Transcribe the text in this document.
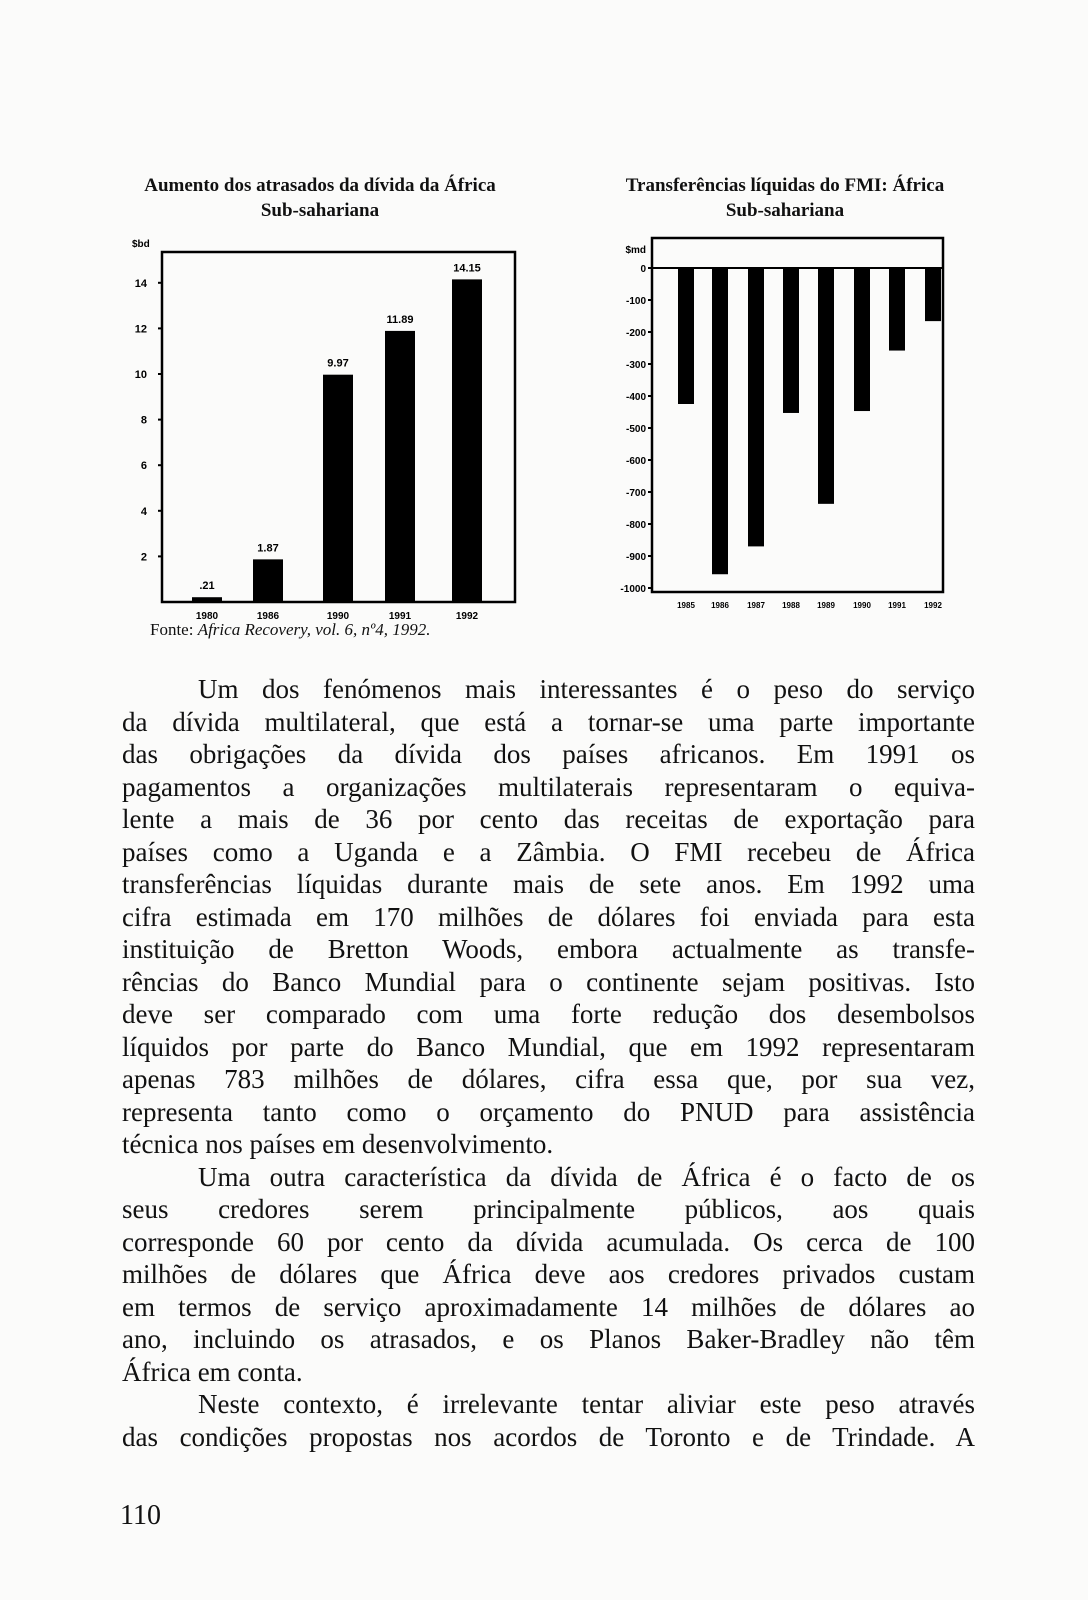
Aumento dos atrasados da dívida da África Sub-sahariana
Transferências líquidas do FMI: África Sub-sahariana
$bd
2
4
6
8
10
12
14
.21
1980
1.87
1986
9.97
1990
11.89
1991
14.15
1992
$md
0
-100
-200
-300
-400
-500
-600
-700
-800
-900
-1000
1985 1986 1987 1988 1989 1990 1991 1992
Fonte: Africa Recovery, vol. 6, nº4, 1992.
Um dos fenómenos mais interessantes é o peso do serviço
da dívida multilateral, que está a tornar-se uma parte importante
das obrigações da dívida dos países africanos. Em 1991 os
pagamentos a organizações multilaterais representaram o equiva-
lente a mais de 36 por cento das receitas de exportação para
países como a Uganda e a Zâmbia. O FMI recebeu de África
transferências líquidas durante mais de sete anos. Em 1992 uma
cifra estimada em 170 milhões de dólares foi enviada para esta
instituição de Bretton Woods, embora actualmente as transfe-
rências do Banco Mundial para o continente sejam positivas. Isto
deve ser comparado com uma forte redução dos desembolsos
líquidos por parte do Banco Mundial, que em 1992 representaram
apenas 783 milhões de dólares, cifra essa que, por sua vez,
representa tanto como o orçamento do PNUD para assistência
técnica nos países em desenvolvimento.
Uma outra característica da dívida de África é o facto de os
seus credores serem principalmente públicos, aos quais
corresponde 60 por cento da dívida acumulada. Os cerca de 100
milhões de dólares que África deve aos credores privados custam
em termos de serviço aproximadamente 14 milhões de dólares ao
ano, incluindo os atrasados, e os Planos Baker-Bradley não têm
África em conta.
Neste contexto, é irrelevante tentar aliviar este peso através
das condições propostas nos acordos de Toronto e de Trindade. A
110
